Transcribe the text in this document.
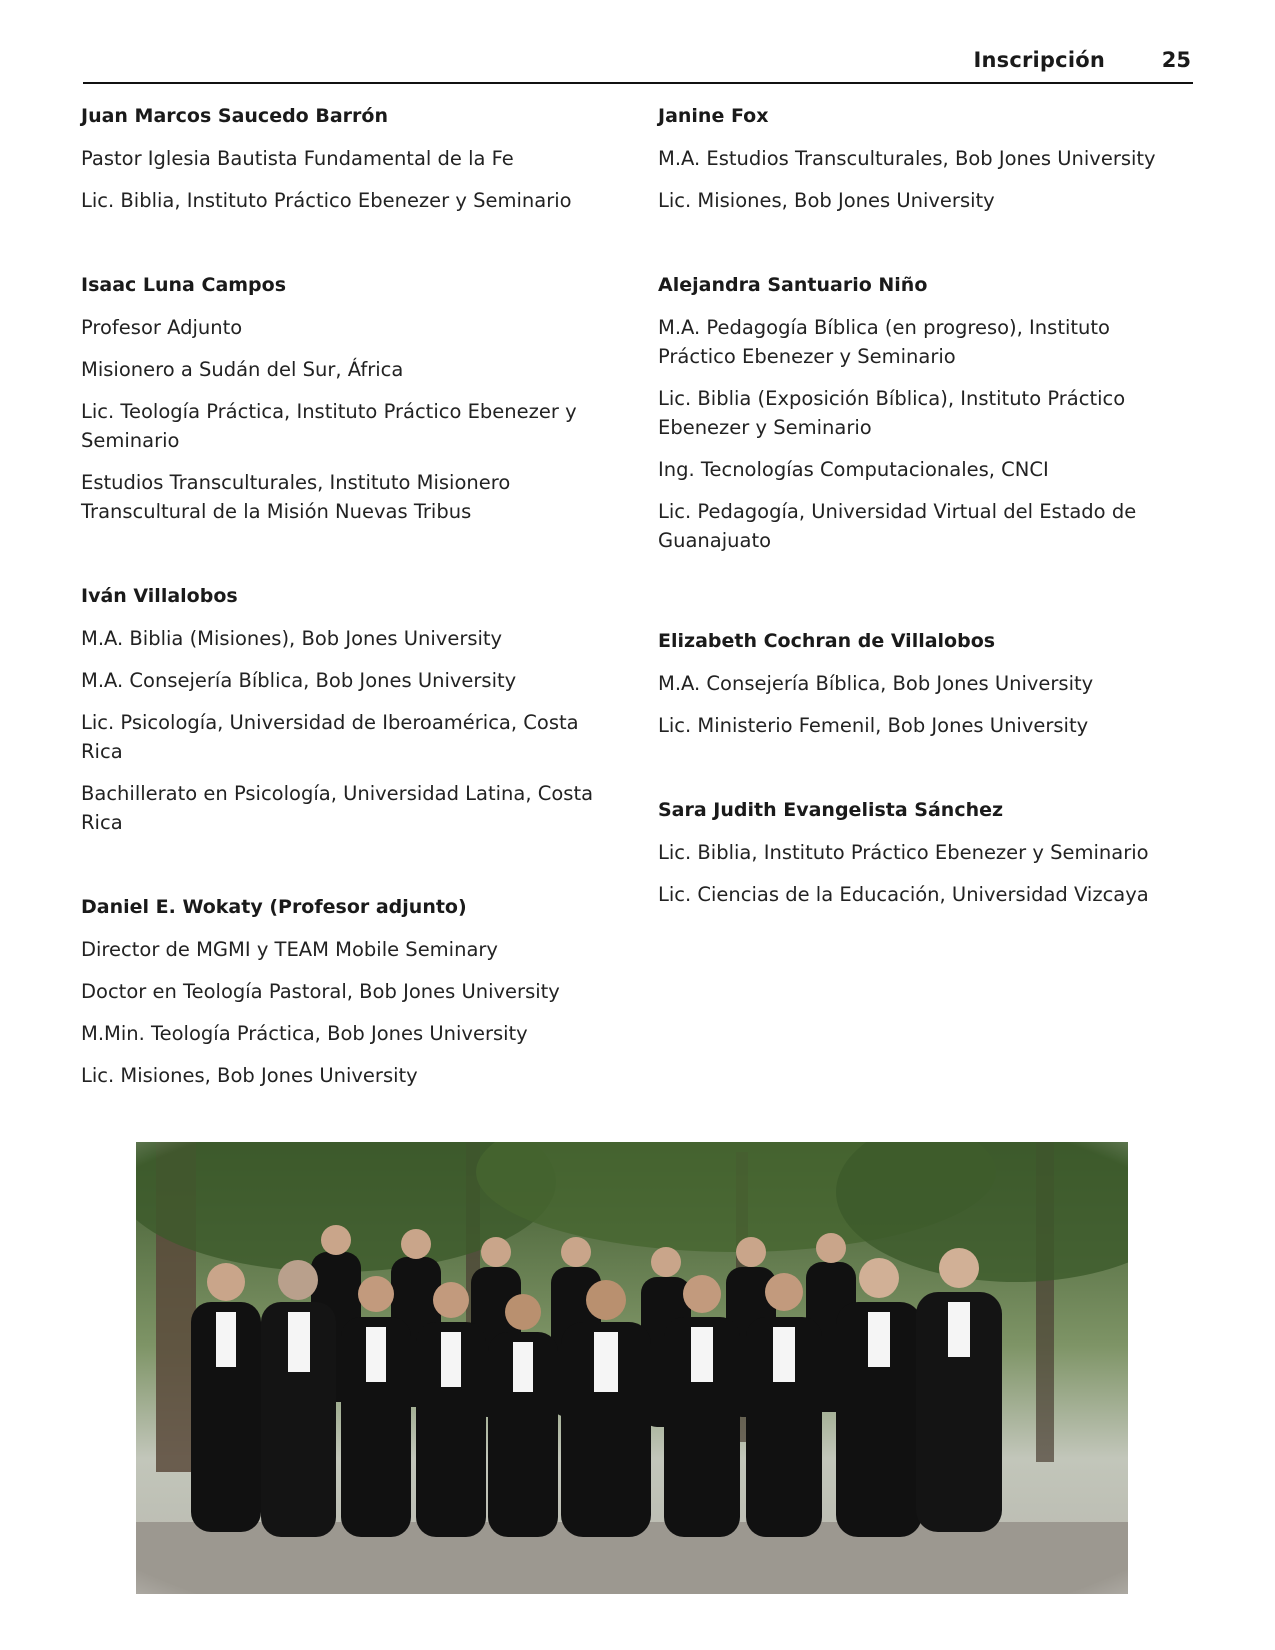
Inscripción	25

Juan Marcos Saucedo Barrón

Pastor Iglesia Bautista Fundamental de la Fe

Lic. Biblia, Instituto Práctico Ebenezer y Seminario

Isaac Luna Campos

Profesor Adjunto

Misionero a Sudán del Sur, África

Lic. Teología Práctica, Instituto Práctico Ebenezer y Seminario

Estudios Transculturales, Instituto Misionero Transcultural de la Misión Nuevas Tribus

Iván Villalobos

M.A. Biblia (Misiones), Bob Jones University

M.A. Consejería Bíblica, Bob Jones University

Lic. Psicología, Universidad de Iberoamérica, Costa Rica

Bachillerato en Psicología, Universidad Latina, Costa Rica

Daniel E. Wokaty (Profesor adjunto)

Director de MGMI y TEAM Mobile Seminary

Doctor en Teología Pastoral, Bob Jones University

M.Min. Teología Práctica, Bob Jones University

Lic. Misiones, Bob Jones University

Janine Fox

M.A. Estudios Transculturales, Bob Jones University

Lic. Misiones, Bob Jones University

Alejandra Santuario Niño

M.A. Pedagogía Bíblica (en progreso), Instituto Práctico Ebenezer y Seminario

Lic. Biblia (Exposición Bíblica), Instituto Práctico Ebenezer y Seminario

Ing. Tecnologías Computacionales, CNCI

Lic. Pedagogía, Universidad Virtual del Estado de Guanajuato

Elizabeth Cochran de Villalobos

M.A. Consejería Bíblica, Bob Jones University

Lic. Ministerio Femenil, Bob Jones University

Sara Judith Evangelista Sánchez

Lic. Biblia, Instituto Práctico Ebenezer y Seminario

Lic. Ciencias de la Educación, Universidad Vizcaya
